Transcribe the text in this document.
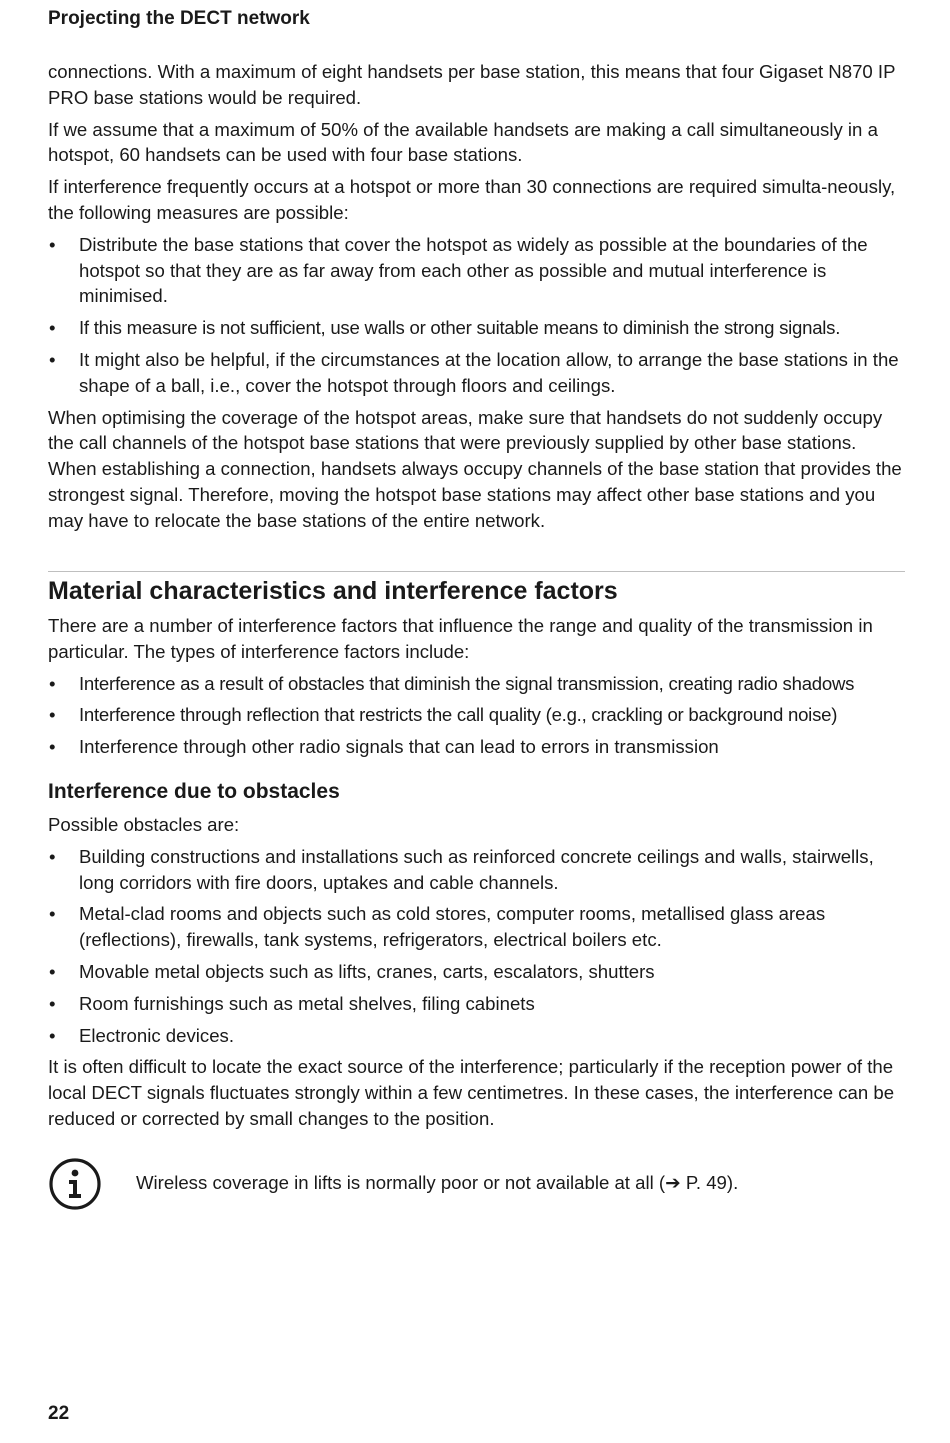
Projecting the DECT network

connections. With a maximum of eight handsets per base station, this means that four Gigaset N870 IP PRO base stations would be required.

If we assume that a maximum of 50% of the available handsets are making a call simultaneously in a hotspot, 60 handsets can be used with four base stations.

If interference frequently occurs at a hotspot or more than 30 connections are required simulta-neously, the following measures are possible:

• Distribute the base stations that cover the hotspot as widely as possible at the boundaries of the hotspot so that they are as far away from each other as possible and mutual interference is minimised.
• If this measure is not sufficient, use walls or other suitable means to diminish the strong signals.
• It might also be helpful, if the circumstances at the location allow, to arrange the base stations in the shape of a ball, i.e., cover the hotspot through floors and ceilings.

When optimising the coverage of the hotspot areas, make sure that handsets do not suddenly occupy the call channels of the hotspot base stations that were previously supplied by other base stations. When establishing a connection, handsets always occupy channels of the base station that provides the strongest signal. Therefore, moving the hotspot base stations may affect other base stations and you may have to relocate the base stations of the entire network.

Material characteristics and interference factors

There are a number of interference factors that influence the range and quality of the transmission in particular. The types of interference factors include:

• Interference as a result of obstacles that diminish the signal transmission, creating radio shadows
• Interference through reflection that restricts the call quality (e.g., crackling or background noise)
• Interference through other radio signals that can lead to errors in transmission
Interference due to obstacles

Possible obstacles are:

• Building constructions and installations such as reinforced concrete ceilings and walls, stairwells, long corridors with fire doors, uptakes and cable channels.
• Metal-clad rooms and objects such as cold stores, computer rooms, metallised glass areas (reflections), firewalls, tank systems, refrigerators, electrical boilers etc.
• Movable metal objects such as lifts, cranes, carts, escalators, shutters
• Room furnishings such as metal shelves, filing cabinets
• Electronic devices.

It is often difficult to locate the exact source of the interference; particularly if the reception power of the local DECT signals fluctuates strongly within a few centimetres. In these cases, the interference can be reduced or corrected by small changes to the position.

Wireless coverage in lifts is normally poor or not available at all (➔ P. 49).
22
